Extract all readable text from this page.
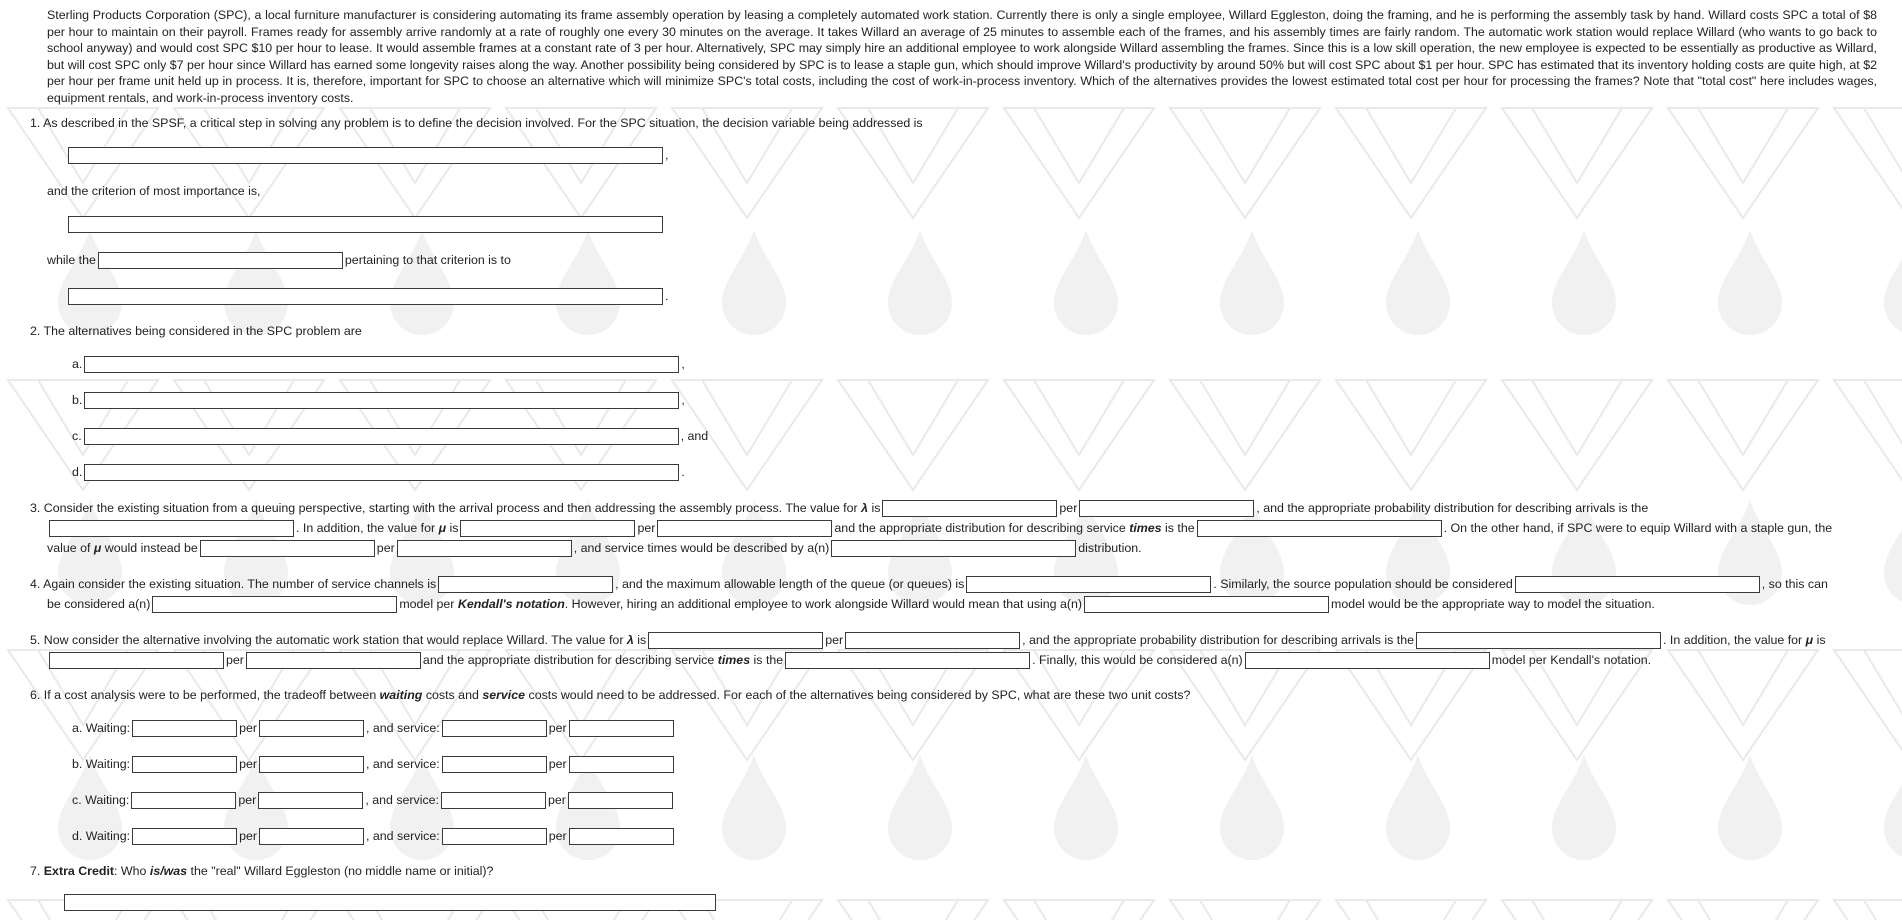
Sterling Products Corporation (SPC), a local furniture manufacturer is considering automating its frame assembly operation by leasing a completely automated work station. Currently there is only a single employee, Willard Eggleston, doing the framing, and he is performing the assembly task by hand. Willard costs SPC a total of $8 per hour to maintain on their payroll. Frames ready for assembly arrive randomly at a rate of roughly one every 30 minutes on the average. It takes Willard an average of 25 minutes to assemble each of the frames, and his assembly times are fairly random. The automatic work station would replace Willard (who wants to go back to school anyway) and would cost SPC $10 per hour to lease. It would assemble frames at a constant rate of 3 per hour. Alternatively, SPC may simply hire an additional employee to work alongside Willard assembling the frames. Since this is a low skill operation, the new employee is expected to be essentially as productive as Willard, but will cost SPC only $7 per hour since Willard has earned some longevity raises along the way. Another possibility being considered by SPC is to lease a staple gun, which should improve Willard's productivity by around 50% but will cost SPC about $1 per hour. SPC has estimated that its inventory holding costs are quite high, at $2 per hour per frame unit held up in process. It is, therefore, important for SPC to choose an alternative which will minimize SPC's total costs, including the cost of work-in-process inventory. Which of the alternatives provides the lowest estimated total cost per hour for processing the frames? Note that "total cost" here includes wages, equipment rentals, and work-in-process inventory costs.
1. As described in the SPSF, a critical step in solving any problem is to define the decision involved. For the SPC situation, the decision variable being addressed is
,
and the criterion of most importance is,
while the	pertaining to that criterion is to
.
2. The alternatives being considered in the SPC problem are
a.	,
b.	,
c.	, and
d.	.
3. Consider the existing situation from a queuing perspective, starting with the arrival process and then addressing the assembly process. The value for λ is	per	, and the appropriate probability distribution for describing arrivals is the
. In addition, the value for μ is	per	and the appropriate distribution for describing service times is the	. On the other hand, if SPC were to equip Willard with a staple gun, the
value of μ would instead be	per	, and service times would be described by a(n)	distribution.
4. Again consider the existing situation. The number of service channels is	, and the maximum allowable length of the queue (or queues) is	. Similarly, the source population should be considered	, so this can
be considered a(n)	model per Kendall's notation. However, hiring an additional employee to work alongside Willard would mean that using a(n)	model would be the appropriate way to model the situation.
5. Now consider the alternative involving the automatic work station that would replace Willard. The value for λ is	per	, and the appropriate probability distribution for describing arrivals is the	. In addition, the value for μ is
per	and the appropriate distribution for describing service times is the	. Finally, this would be considered a(n)	model per Kendall's notation.
6. If a cost analysis were to be performed, the tradeoff between waiting costs and service costs would need to be addressed. For each of the alternatives being considered by SPC, what are these two unit costs?
a. Waiting:	per	, and service:	per
b. Waiting:	per	, and service:	per
c. Waiting:	per	, and service:	per
d. Waiting:	per	, and service:	per
7. Extra Credit: Who is/was the "real" Willard Eggleston (no middle name or initial)?
